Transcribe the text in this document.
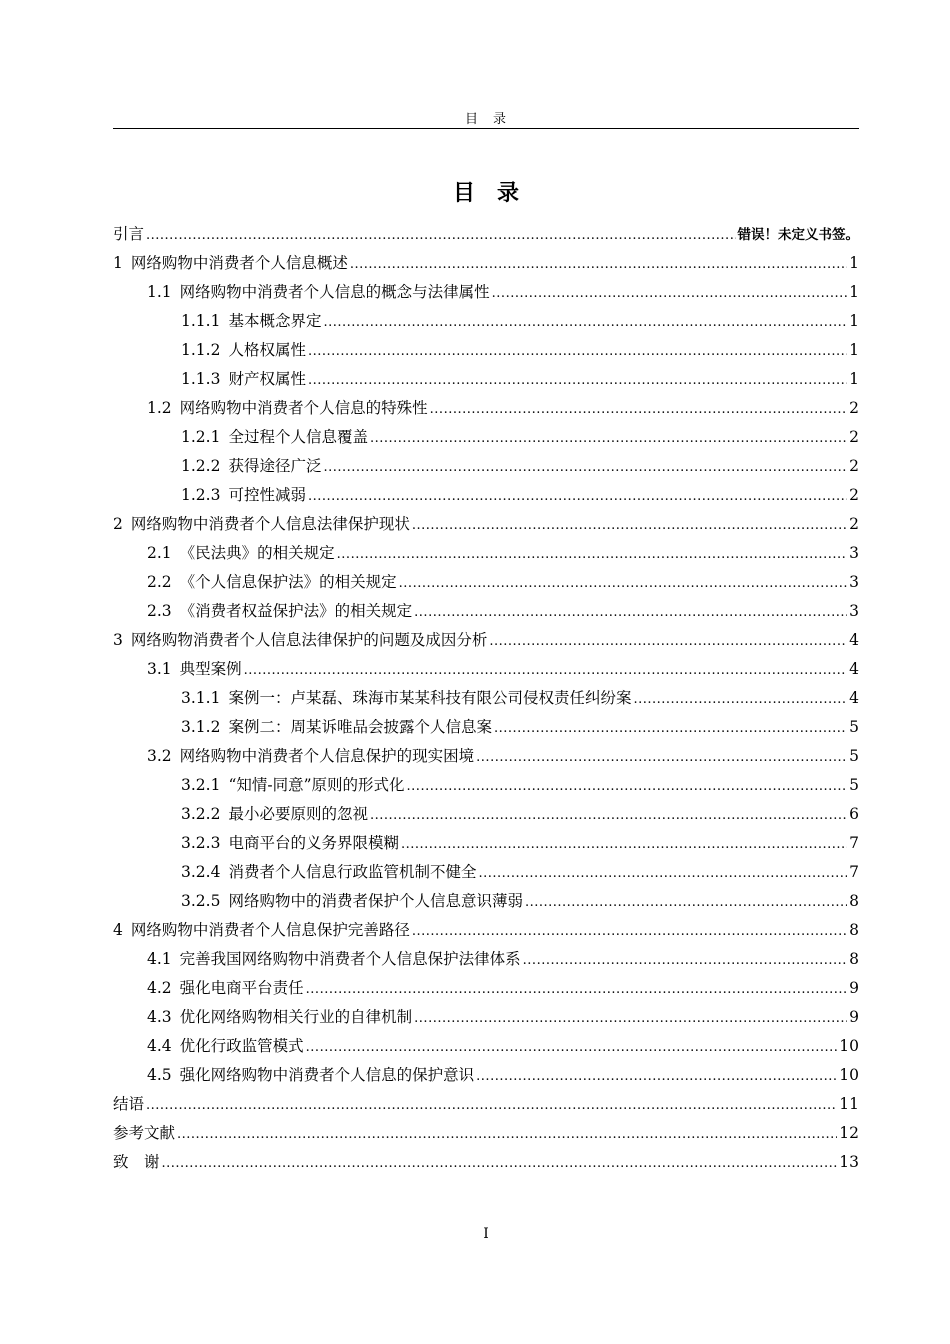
目　录
目　录
引言 .....	错误！未定义书签。
1 网络购物中消费者个人信息概述 .....	1
1.1 网络购物中消费者个人信息的概念与法律属性 .....	1
1.1.1 基本概念界定 .....	1
1.1.2 人格权属性 .....	1
1.1.3 财产权属性 .....	1
1.2 网络购物中消费者个人信息的特殊性 .....	2
1.2.1 全过程个人信息覆盖 .....	2
1.2.2 获得途径广泛 .....	2
1.2.3 可控性减弱 .....	2
2 网络购物中消费者个人信息法律保护现状 .....	2
2.1 《民法典》的相关规定 .....	3
2.2 《个人信息保护法》的相关规定 .....	3
2.3 《消费者权益保护法》的相关规定 .....	3
3 网络购物消费者个人信息法律保护的问题及成因分析 .....	4
3.1 典型案例 .....	4
3.1.1 案例一：卢某磊、珠海市某某科技有限公司侵权责任纠纷案 .....	4
3.1.2 案例二：周某诉唯品会披露个人信息案 .....	5
3.2 网络购物中消费者个人信息保护的现实困境 .....	5
3.2.1 “知情-同意”原则的形式化 .....	5
3.2.2 最小必要原则的忽视 .....	6
3.2.3 电商平台的义务界限模糊 .....	7
3.2.4 消费者个人信息行政监管机制不健全 .....	7
3.2.5 网络购物中的消费者保护个人信息意识薄弱 .....	8
4 网络购物中消费者个人信息保护完善路径 .....	8
4.1 完善我国网络购物中消费者个人信息保护法律体系 .....	8
4.2 强化电商平台责任 .....	9
4.3 优化网络购物相关行业的自律机制 .....	9
4.4 优化行政监管模式 .....	10
4.5 强化网络购物中消费者个人信息的保护意识 .....	10
结语 .....	11
参考文献 .....	12
致　谢 .....	13
I
